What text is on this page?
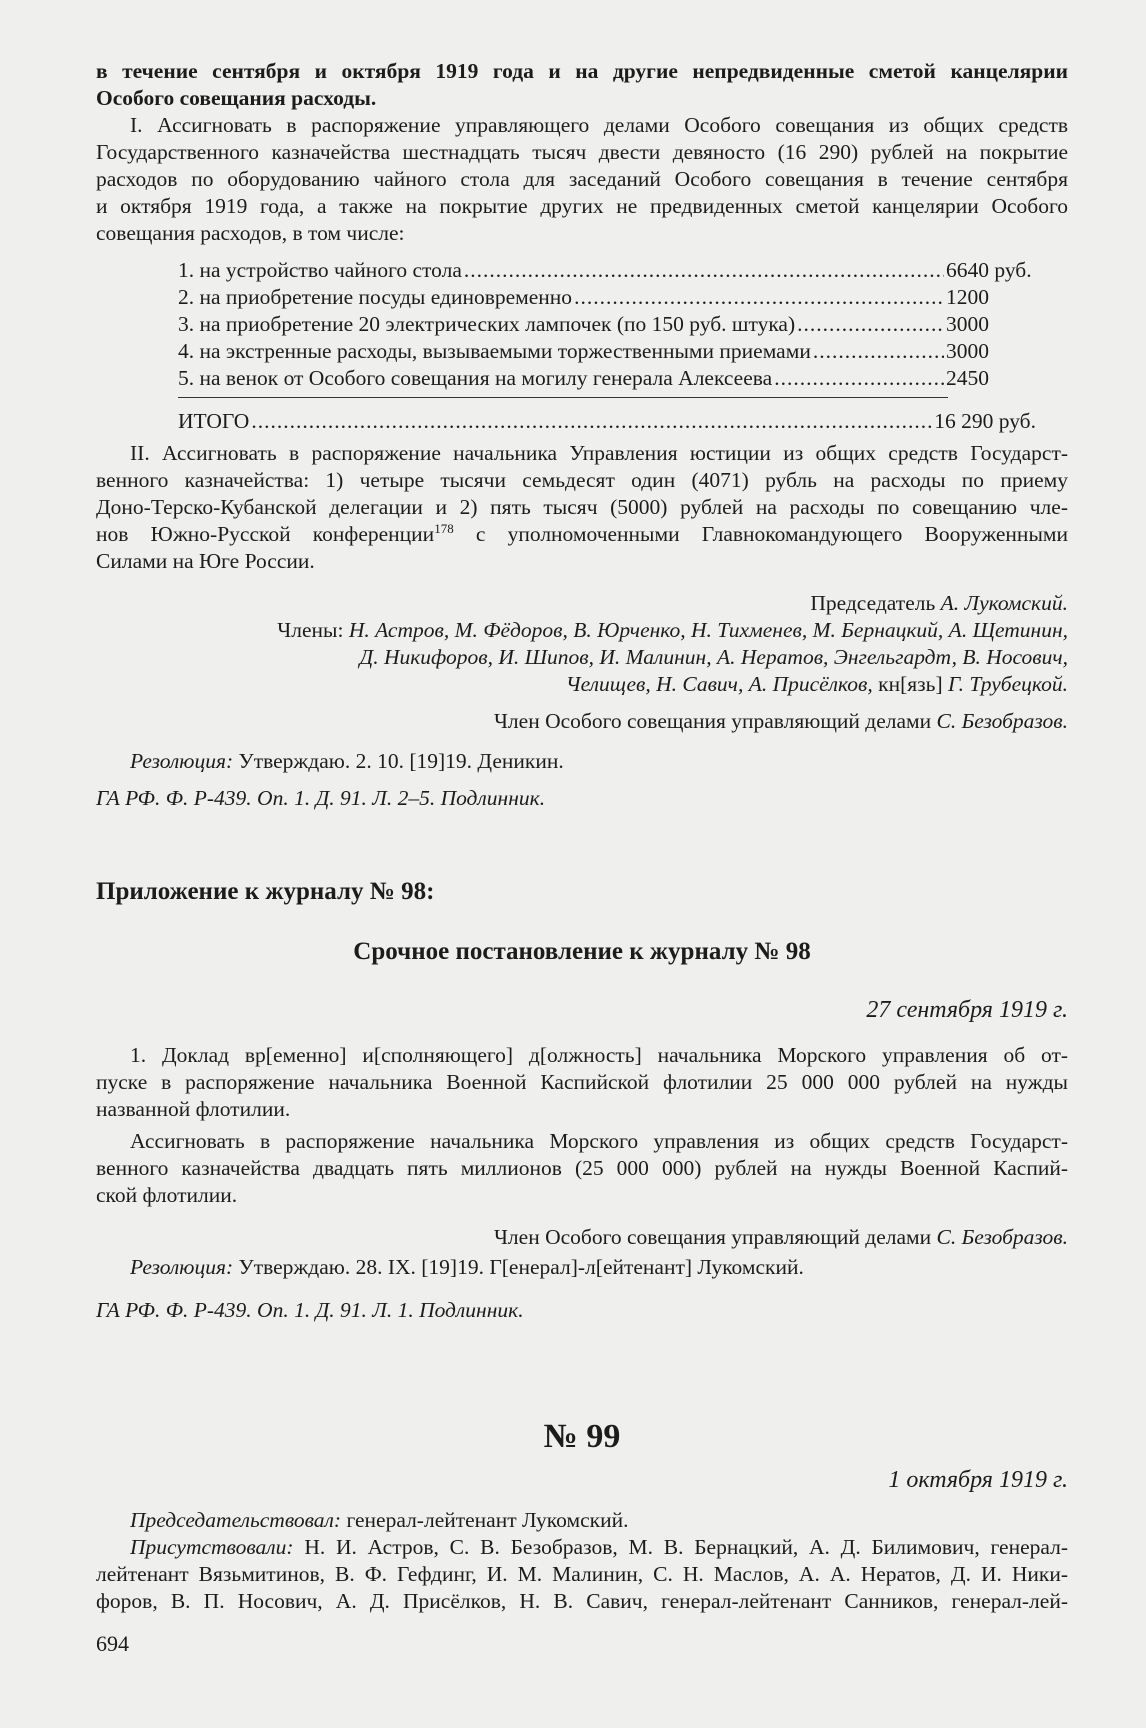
в течение сентября и октября 1919 года и на другие непредвиденные сметой канцелярии
Особого совещания расходы.
I. Ассигновать в распоряжение управляющего делами Особого совещания из общих средств
Государственного казначейства шестнадцать тысяч двести девяносто (16 290) рублей на покрытие
расходов по оборудованию чайного стола для заседаний Особого совещания в течение сентября
и октября 1919 года, а также на покрытие других не предвиденных сметой канцелярии Особого
совещания расходов, в том числе:
1. на устройство чайного стола .....	6640 руб.
2. на приобретение посуды единовременно .....	1200
3. на приобретение 20 электрических лампочек (по 150 руб. штука) .....	3000
4. на экстренные расходы, вызываемыми торжественными приемами .....	3000
5. на венок от Особого совещания на могилу генерала Алексеева .....	2450
ИТОГО .....	16 290 руб.
II. Ассигновать в распоряжение начальника Управления юстиции из общих средств Государст-
венного казначейства: 1) четыре тысячи семьдесят один (4071) рубль на расходы по приему
Доно-Терско-Кубанской делегации и 2) пять тысяч (5000) рублей на расходы по совещанию чле-
нов Южно-Русской конференции$^{178}$ с уполномоченными Главнокомандующего Вооруженными
Силами на Юге России.
Председатель А. Лукомский.
Члены: Н. Астров, М. Фёдоров, В. Юрченко, Н. Тихменев, М. Бернацкий, А. Щетинин,
Д. Никифоров, И. Шипов, И. Малинин, А. Нератов, Энгельгардт, В. Носович,
Челищев, Н. Савич, А. Присёлков, кн[язь] Г. Трубецкой.
Член Особого совещания управляющий делами С. Безобразов.
Резолюция: Утверждаю. 2. 10. [19]19. Деникин.
ГА РФ. Ф. Р-439. Оп. 1. Д. 91. Л. 2–5. Подлинник.
Приложение к журналу № 98:
Срочное постановление к журналу № 98
27 сентября 1919 г.
1. Доклад вр[еменно] и[сполняющего] д[олжность] начальника Морского управления об от-
пуске в распоряжение начальника Военной Каспийской флотилии 25 000 000 рублей на нужды
названной флотилии.
Ассигновать в распоряжение начальника Морского управления из общих средств Государст-
венного казначейства двадцать пять миллионов (25 000 000) рублей на нужды Военной Каспий-
ской флотилии.
Член Особого совещания управляющий делами С. Безобразов.
Резолюция: Утверждаю. 28. IX. [19]19. Г[енерал]-л[ейтенант] Лукомский.
ГА РФ. Ф. Р-439. Оп. 1. Д. 91. Л. 1. Подлинник.
№ 99
1 октября 1919 г.
Председательствовал: генерал-лейтенант Лукомский.
Присутствовали: Н. И. Астров, С. В. Безобразов, М. В. Бернацкий, А. Д. Билимович, генерал-
лейтенант Вязьмитинов, В. Ф. Гефдинг, И. М. Малинин, С. Н. Маслов, А. А. Нератов, Д. И. Ники-
форов, В. П. Носович, А. Д. Присёлков, Н. В. Савич, генерал-лейтенант Санников, генерал-лей-
694
